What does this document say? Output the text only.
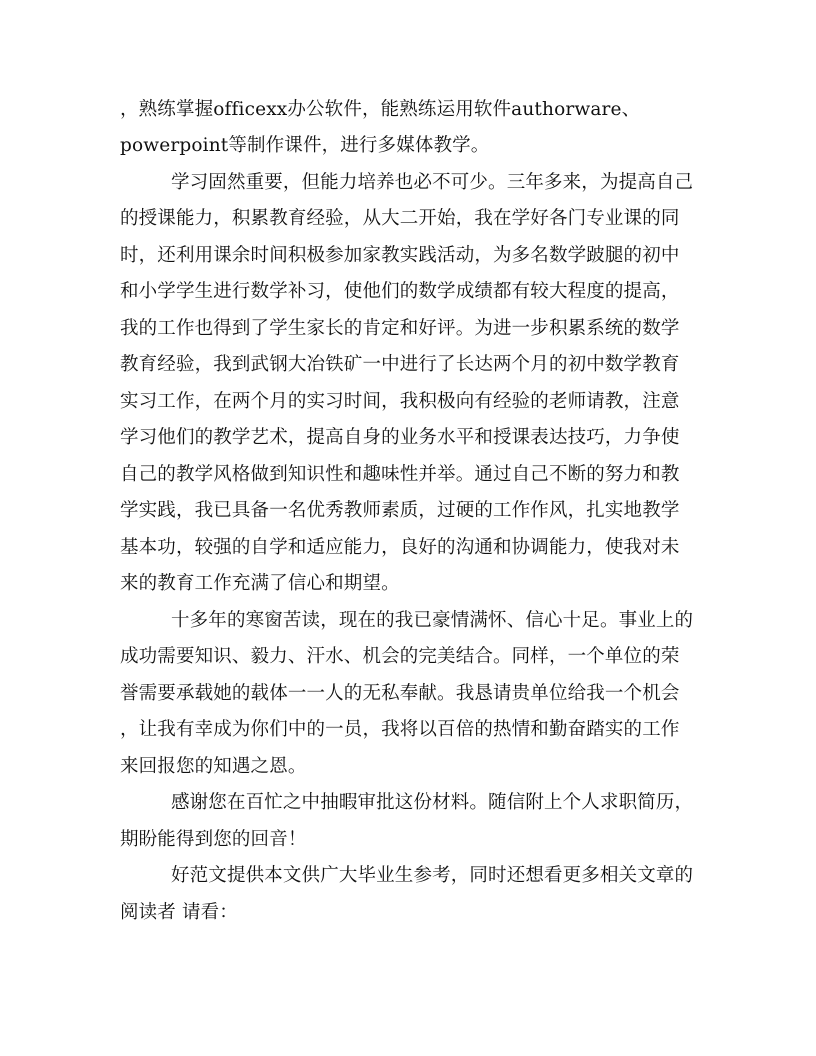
，熟练掌握officexx办公软件，能熟练运用软件authorware、

powerpoint等制作课件，进行多媒体教学。

学习固然重要，但能力培养也必不可少。三年多来，为提高自己

的授课能力，积累教育经验，从大二开始，我在学好各门专业课的同

时，还利用课余时间积极参加家教实践活动，为多名数学跛腿的初中

和小学学生进行数学补习，使他们的数学成绩都有较大程度的提高，

我的工作也得到了学生家长的肯定和好评。为进一步积累系统的数学

教育经验，我到武钢大冶铁矿一中进行了长达两个月的初中数学教育

实习工作，在两个月的实习时间，我积极向有经验的老师请教，注意

学习他们的教学艺术，提高自身的业务水平和授课表达技巧，力争使

自己的教学风格做到知识性和趣味性并举。通过自己不断的努力和教

学实践，我已具备一名优秀教师素质，过硬的工作作风，扎实地教学

基本功，较强的自学和适应能力，良好的沟通和协调能力，使我对未

来的教育工作充满了信心和期望。

十多年的寒窗苦读，现在的我已豪情满怀、信心十足。事业上的

成功需要知识、毅力、汗水、机会的完美结合。同样，一个单位的荣

誉需要承载她的载体一一人的无私奉献。我恳请贵单位给我一个机会

，让我有幸成为你们中的一员，我将以百倍的热情和勤奋踏实的工作

来回报您的知遇之恩。

感谢您在百忙之中抽暇审批这份材料。随信附上个人求职简历，

期盼能得到您的回音！

好范文提供本文供广大毕业生参考，同时还想看更多相关文章的

阅读者 请看：
